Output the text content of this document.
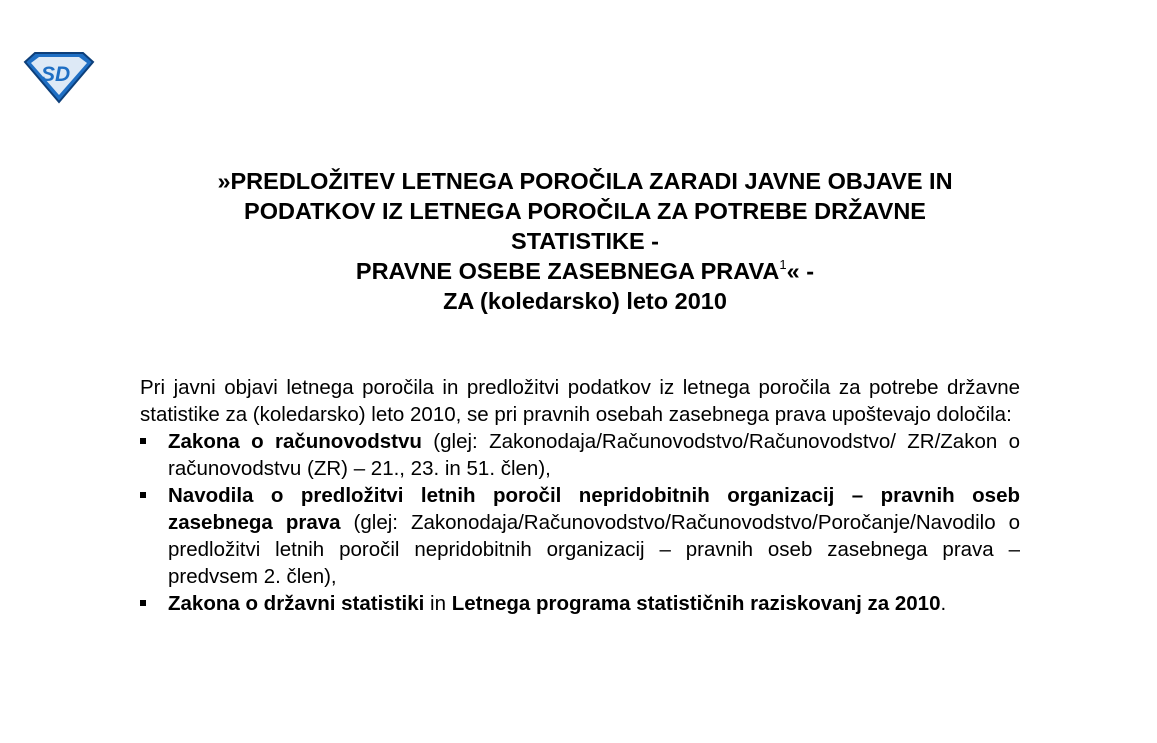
SD
»PREDLOŽITEV LETNEGA POROČILA ZARADI JAVNE OBJAVE IN
PODATKOV IZ LETNEGA POROČILA ZA POTREBE DRŽAVNE
STATISTIKE -
PRAVNE OSEBE ZASEBNEGA PRAVA$^1$« -
ZA (koledarsko) leto 2010

Pri javni objavi letnega poročila in predložitvi podatkov iz letnega poročila za potrebe državne statistike za (koledarsko) leto 2010, se pri pravnih osebah zasebnega prava upoštevajo določila:

Zakona o računovodstvu (glej: Zakonodaja/Računovodstvo/Računovodstvo/ ZR/Zakon o računovodstvu (ZR) – 21., 23. in 51. člen),
Navodila o predložitvi letnih poročil nepridobitnih organizacij – pravnih oseb zasebnega prava (glej: Zakonodaja/Računovodstvo/Računovodstvo/Poročanje/Navodilo o predložitvi letnih poročil nepridobitnih organizacij – pravnih oseb zasebnega prava – predvsem 2. člen),
Zakona o državni statistiki in Letnega programa statističnih raziskovanj za 2010.
